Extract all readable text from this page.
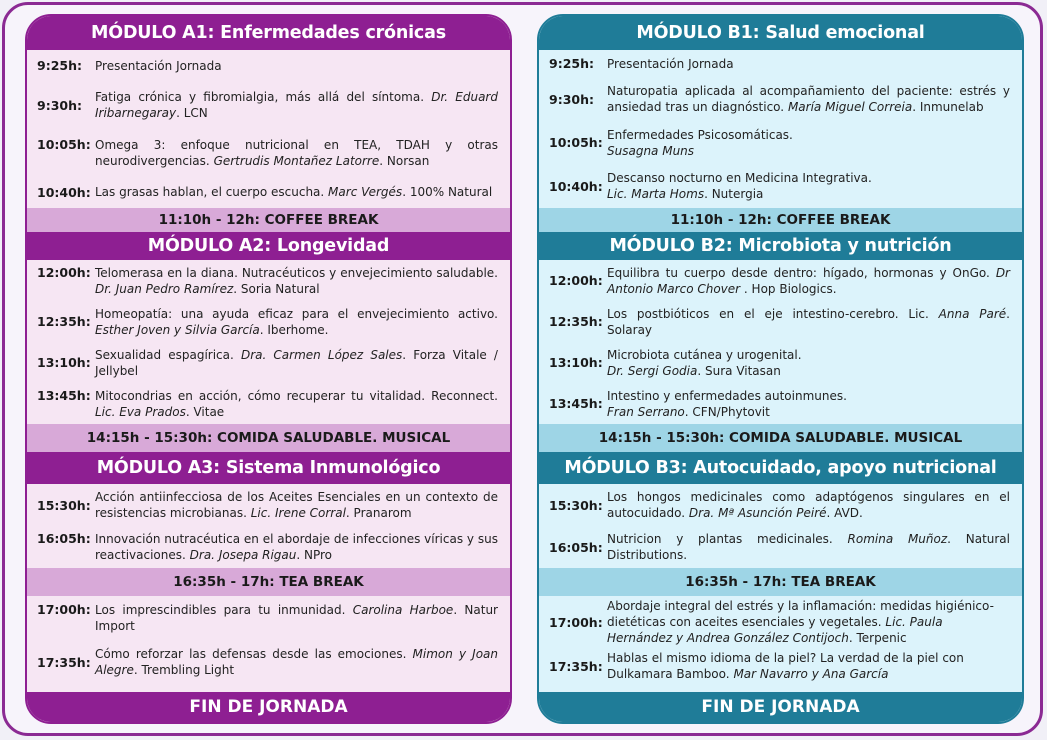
MÓDULO A1: Enfermedades crónicas
9:25h:	Presentación Jornada
9:30h:
Fatiga crónica y fibromialgia, más allá del síntoma. Dr. Eduard Iribarnegaray. LCN
10:05h: Omega 3: enfoque nutricional en TEA, TDAH y otras neurodivergencias. Gertrudis Montañez Latorre. Norsan
10:40h: Las grasas hablan, el cuerpo escucha. Marc Vergés. 100% Natural
11:10h - 12h: COFFEE BREAK
MÓDULO A2: Longevidad
12:00h: Telomerasa en la diana. Nutracéuticos y envejecimiento saludable. Dr. Juan Pedro Ramírez. Soria Natural
12:35h:
Homeopatía: una ayuda eficaz para el envejecimiento activo. Esther Joven y Silvia García. Iberhome.
13:10h:
Sexualidad espagírica. Dra. Carmen López Sales. Forza Vitale / Jellybel
13:45h: Mitocondrias en acción, cómo recuperar tu vitalidad. Reconnect. Lic. Eva Prados. Vitae
14:15h - 15:30h: COMIDA SALUDABLE. MUSICAL
MÓDULO A3: Sistema Inmunológico
15:30h:
Acción antiinfecciosa de los Aceites Esenciales en un contexto de resistencias microbianas. Lic. Irene Corral. Pranarom
16:05h: Innovación nutracéutica en el abordaje de infecciones víricas y sus reactivaciones. Dra. Josepa Rigau. NPro
16:35h - 17h: TEA BREAK
17:00h: Los imprescindibles para tu inmunidad. Carolina Harboe. Natur Import
17:35h:
Cómo reforzar las defensas desde las emociones. Mimon y Joan Alegre. Trembling Light
FIN DE JORNADA
MÓDULO B1: Salud emocional
9:25h:	Presentación Jornada
9:30h:
Naturopatia aplicada al acompañamiento del paciente: estrés y ansiedad tras un diagnóstico. María Miguel Correia. Inmunelab
10:05h:
Enfermedades Psicosomáticas.
Susagna Muns
10:40h:
Descanso nocturno en Medicina Integrativa.
Lic. Marta Homs. Nutergia
11:10h - 12h: COFFEE BREAK
MÓDULO B2: Microbiota y nutrición
12:00h:
Equilibra tu cuerpo desde dentro: hígado, hormonas y OnGo. Dr Antonio Marco Chover . Hop Biologics.
12:35h:
Los postbióticos en el eje intestino-cerebro. Lic. Anna Paré. Solaray
13:10h:
Microbiota cutánea y urogenital.
Dr. Sergi Godia. Sura Vitasan
13:45h:
Intestino y enfermedades autoinmunes.
Fran Serrano. CFN/Phytovit
14:15h - 15:30h: COMIDA SALUDABLE. MUSICAL
MÓDULO B3: Autocuidado, apoyo nutricional
15:30h:
Los hongos medicinales como adaptógenos singulares en el autocuidado. Dra. Mª Asunción Peiré. AVD.
16:05h:
Nutricion y plantas medicinales. Romina Muñoz. Natural Distributions.
16:35h - 17h: TEA BREAK
17:00h:
Abordaje integral del estrés y la inflamación: medidas higiénico-dietéticas con aceites esenciales y vegetales. Lic. Paula Hernández y Andrea González Contijoch. Terpenic
17:35h:
Hablas el mismo idioma de la piel? La verdad de la piel con Dulkamara Bamboo. Mar Navarro y Ana García
FIN DE JORNADA
